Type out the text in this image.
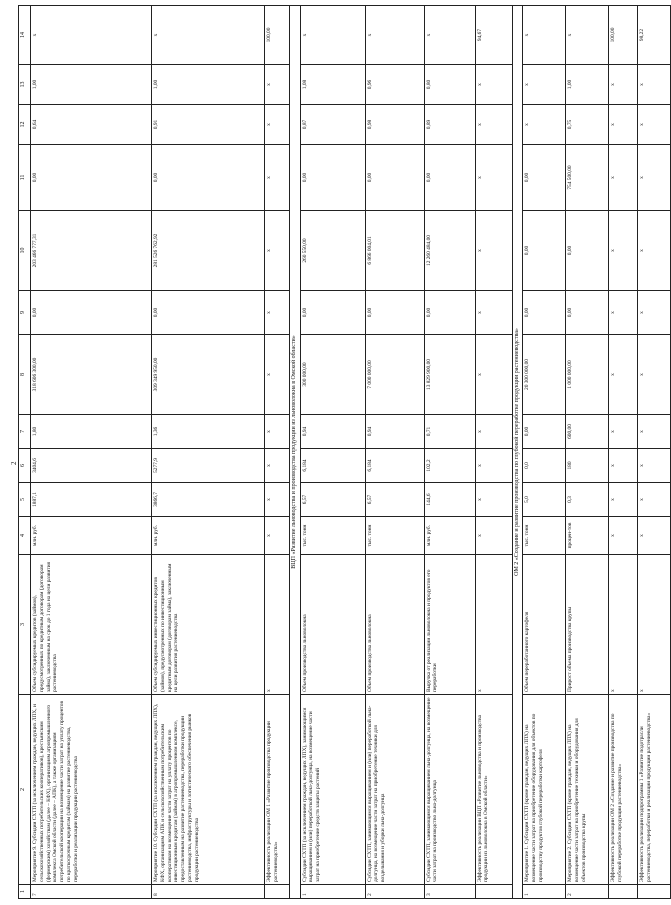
2
1	2	3	4	5	6	7	8	9	10	11	12	13	14
7	Мероприятие 9. Субсидии СХТП (за исключением граждан, ведущих ЛПХ, и сельскохозяйственных потребительских кооперативов), крестьянским (фермерским) хозяйствам (далее – КФХ), организациям агропромышленного комплекса Омской области (далее – АПК), а также организациям потребительской кооперации на возмещение части затрат на уплату процентов по краткосрочным кредитам (займам) на развитие растениеводства, переработки и реализации продукции растениеводства	Объем субсидируемых кредитов (займов), предусмотренных по кредитным договорам (договорам займа), заключенным на срок до 1 года на цели развития растениеводства	млн. руб.	1887,1	3404,6	1,80	318 606 300,00	0,00	203 466 777,31	0,00	0,64	1,00	x
8	Мероприятие 10. Субсидии СХТП (за исключением граждан, ведущих ЛПХ), КФХ, организациям АПК и сельскохозяйственным потребительским кооперативам на возмещение части затрат на уплату процентов по инвестиционным кредитам (займам) в агропромышленном комплексе, предоставленным на развитие растениеводства, переработки продукции растениеводства, инфраструктуры и логистического обеспечения рынков продукции растениеводства	Объем субсидируемых инвестиционных кредитов (займов), предусмотренных по инвестиционным кредитным договорам (договорам займа), заключенным на цели развития растениеводства	млн. руб.	3866,7	5277,9	1,36	309 349 950,00	0,00	281 526 762,92	0,00	0,91	1,00	x
	Эффективность реализации ОМ 1 «Развитие производства продукции растениеводства»	x	x	x	x	x	x	x	x	x	x	x	100,00
ВЦП «Развитие льноводства и производства продукции из льноволокна в Омской области»													
1	Субсидии СХТП (за исключением граждан, ведущих ЛПХ), занимающимся выращиванием и (или) переработкой льна-долгунца, на возмещение части затрат на приобретение средств защиты растений	Объем производства льноволокна	тыс. тонн	6,57	6,184	0,94	300 000,00	0,00	260 550,00	0,00	0,87	1,08	x
2	Субсидии СХТП, занимающимся выращиванием и (или) переработкой льна-долгунца, на возмещение части затрат на приобретение техники для возделывания и уборки льна-долгунца	Объем производства льноволокна	тыс. тонн	6,57	6,184	0,94	7 000 000,00	0,00	6 866 004,01	0,00	0,98	0,96	x
3	Субсидии СХТП, занимающимся выращиванием льна-долгунца, на возмещение части затрат на производство льна-долгунца	Выручка от реализации льноволокна и продуктов его переработки	млн. руб.	144,6	102,2	0,71	13 829 900,00	0,00	12 260 484,00	0,00	0,89	0,80	x
	Эффективность реализации ВЦП «Развитие льноводства и производства продукции из льноволокна в Омской области»	x	x	x	x	x	x	x	x	x	x	x	94,67
ОМ 2 «Создание и развитие производства по глубокой переработке продукции растениеводства»													
1	Мероприятие 1. Субсидии СХТП (кроме граждан, ведущих ЛПХ) на возмещение части затрат на приобретение оборудования для объектов по производству продуктов глубокой переработки картофеля	Объем переработанного картофеля	тыс. тонн	5,0	0,0	0,00	20 300 000,00	0,00	0,00	0,00	x	x	x
2	Мероприятие 2. Субсидии СХТП (кроме граждан, ведущих ЛПХ) на возмещение части затрат на приобретение техники и оборудования для объектов производства крупы	Прирост объема производства крупы	процен-тов	0,3	180	600,00	1 000 000,00	0,00	0,00	754 500,00	0,75	1,00	x
	Эффективность реализации ОМ 2 «Создание и развитие производства по глубокой переработке продукции растениеводства»	x	x	x	x	x	x	x	x	x	x	x	100,00
	Эффективность реализации подпрограммы 1 «Развитие подотрасли растениеводства, переработки и реализации продукции растениеводства»	x	x	x	x	x	x	x	x	x	x	x	98,22
